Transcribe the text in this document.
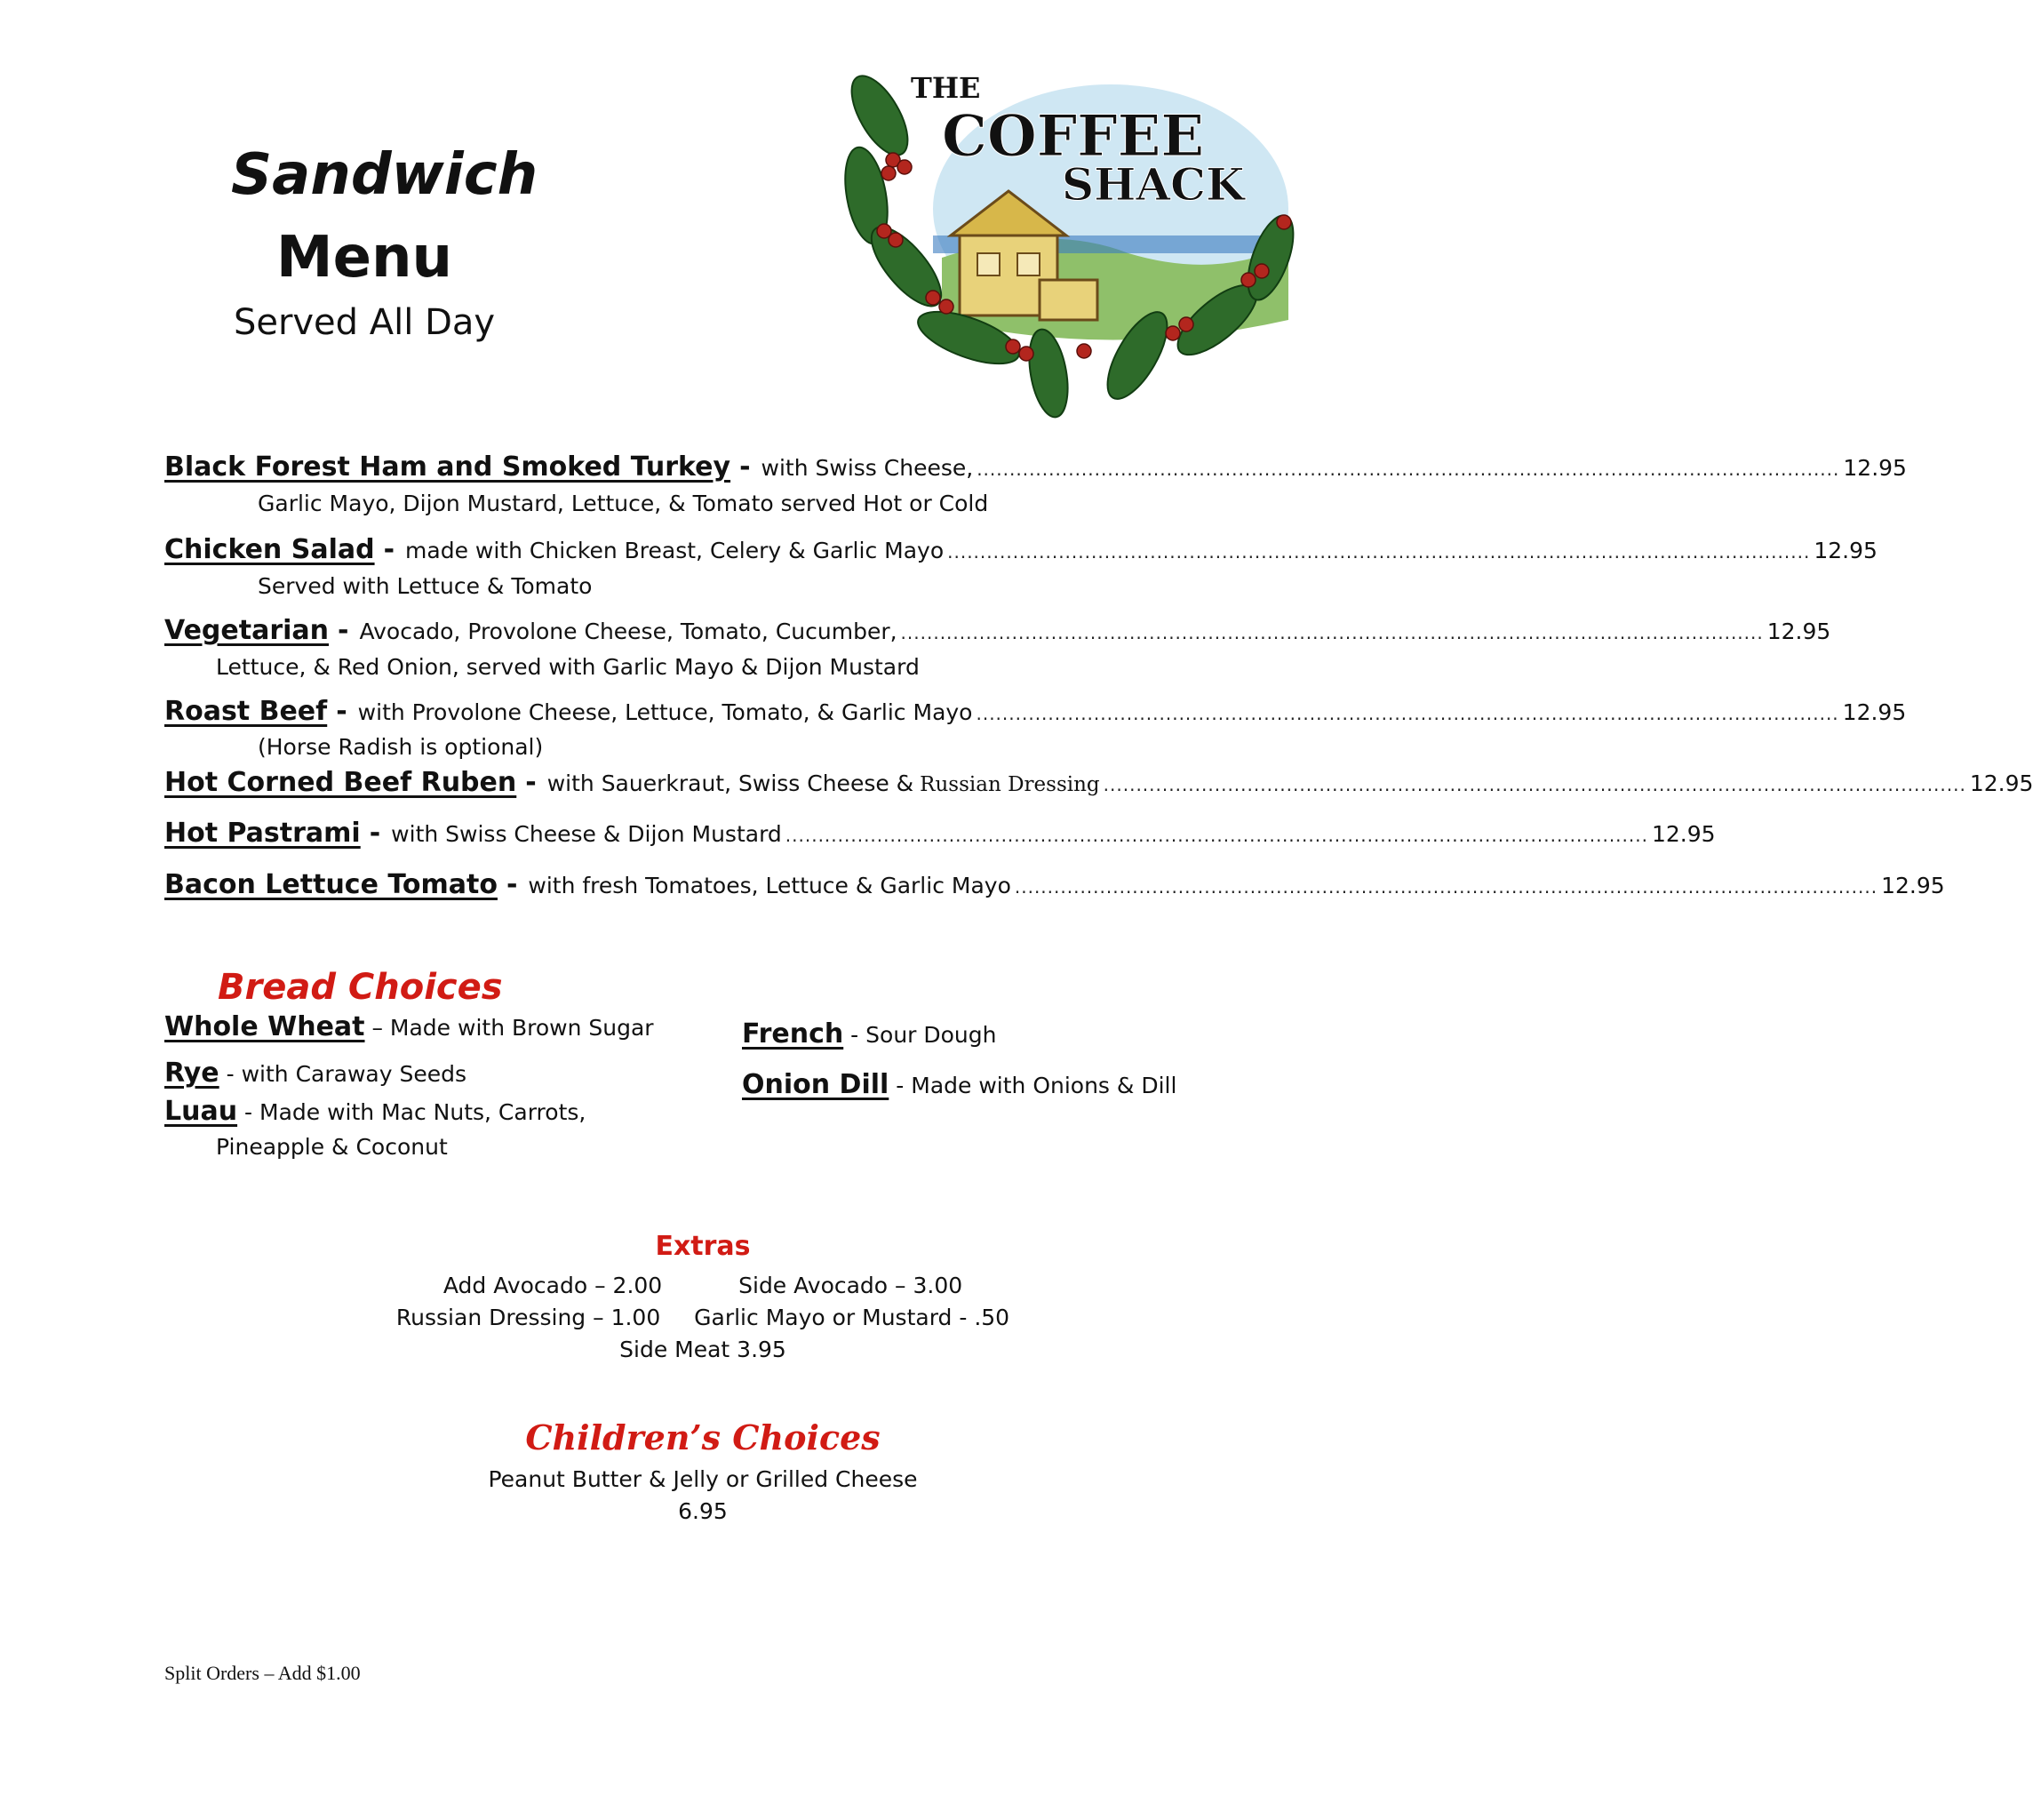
Sandwich
Menu
Served All Day
THE
COFFEE
SHACK
Black Forest Ham and Smoked Turkey - with Swiss Cheese, .................................................................................................................................... 12.95
Garlic Mayo, Dijon Mustard, Lettuce, & Tomato served Hot or Cold
Chicken Salad - made with Chicken Breast, Celery & Garlic Mayo .................................................................................................................................... 12.95
Served with Lettuce & Tomato
Vegetarian - Avocado, Provolone Cheese, Tomato, Cucumber, .................................................................................................................................... 12.95
Lettuce, & Red Onion, served with Garlic Mayo & Dijon Mustard
Roast Beef - with Provolone Cheese, Lettuce, Tomato, & Garlic Mayo .................................................................................................................................... 12.95
(Horse Radish is optional)
Hot Corned Beef Ruben - with Sauerkraut, Swiss Cheese & Russian Dressing .................................................................................................................................... 12.95
Hot Pastrami - with Swiss Cheese & Dijon Mustard .................................................................................................................................... 12.95
Bacon Lettuce Tomato - with fresh Tomatoes, Lettuce & Garlic Mayo .................................................................................................................................... 12.95
Bread Choices
Whole Wheat – Made with Brown Sugar
Rye - with Caraway Seeds
Luau - Made with Mac Nuts, Carrots,
Pineapple & Coconut
French - Sour Dough
Onion Dill - Made with Onions & Dill
Extras
Add Avocado – 2.00	Side Avocado – 3.00
Russian Dressing – 1.00 Garlic Mayo or Mustard - .50
Side Meat 3.95
Children’s Choices
Peanut Butter & Jelly or Grilled Cheese
6.95
Split Orders – Add $1.00
